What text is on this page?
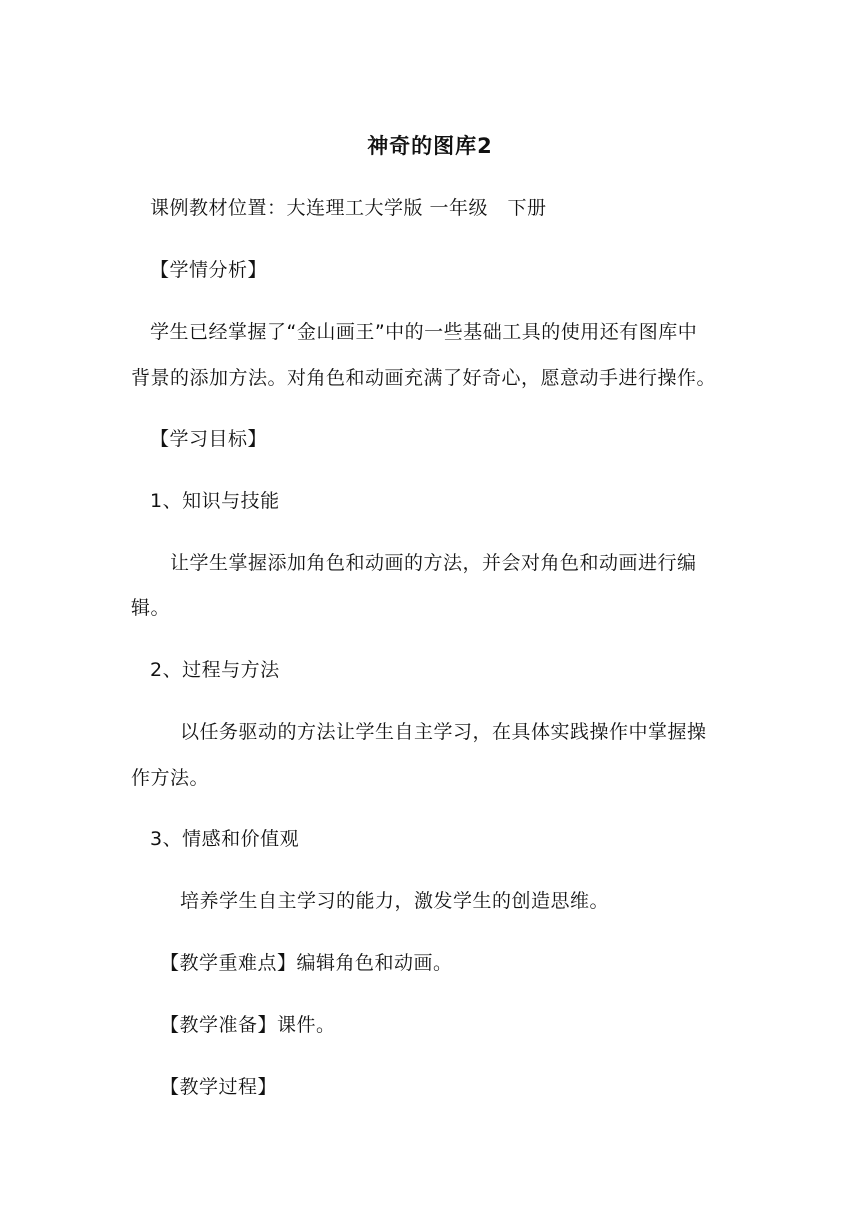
神奇的图库2
课例教材位置：大连理工大学版 一年级　下册
【学情分析】
学生已经掌握了“金山画王”中的一些基础工具的使用还有图库中
背景的添加方法。对角色和动画充满了好奇心，愿意动手进行操作。
【学习目标】
1、知识与技能
让学生掌握添加角色和动画的方法，并会对角色和动画进行编
辑。
2、过程与方法
以任务驱动的方法让学生自主学习，在具体实践操作中掌握操
作方法。
3、情感和价值观
培养学生自主学习的能力，激发学生的创造思维。
【教学重难点】编辑角色和动画。
【教学准备】课件。
【教学过程】
